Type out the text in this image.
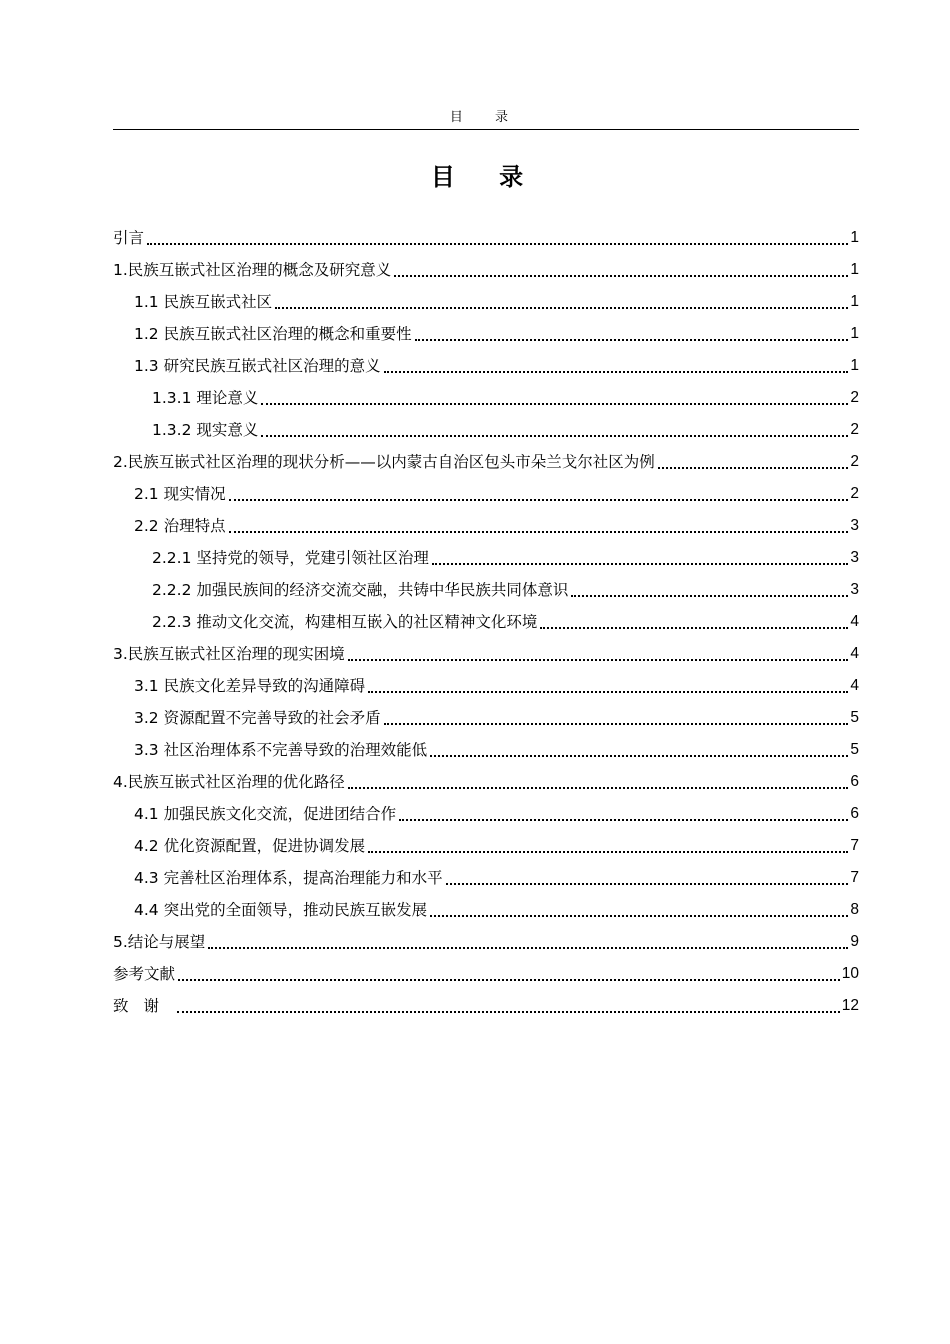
目 录
目 录
引言	1
1.民族互嵌式社区治理的概念及研究意义	1
1.1 民族互嵌式社区	1
1.2 民族互嵌式社区治理的概念和重要性	1
1.3 研究民族互嵌式社区治理的意义	1
1.3.1 理论意义	2
1.3.2 现实意义	2
2.民族互嵌式社区治理的现状分析——以内蒙古自治区包头市朵兰戈尔社区为例	2
2.1 现实情况	2
2.2 治理特点	3
2.2.1 坚持党的领导，党建引领社区治理	3
2.2.2 加强民族间的经济交流交融，共铸中华民族共同体意识	3
2.2.3 推动文化交流，构建相互嵌入的社区精神文化环境	4
3.民族互嵌式社区治理的现实困境	4
3.1 民族文化差异导致的沟通障碍	4
3.2 资源配置不完善导致的社会矛盾	5
3.3 社区治理体系不完善导致的治理效能低	5
4.民族互嵌式社区治理的优化路径	6
4.1 加强民族文化交流，促进团结合作	6
4.2 优化资源配置，促进协调发展	7
4.3 完善杜区治理体系，提高治理能力和水平	7
4.4 突出党的全面领导，推动民族互嵌发展	8
5.结论与展望	9
参考文献	10
致谢	12
